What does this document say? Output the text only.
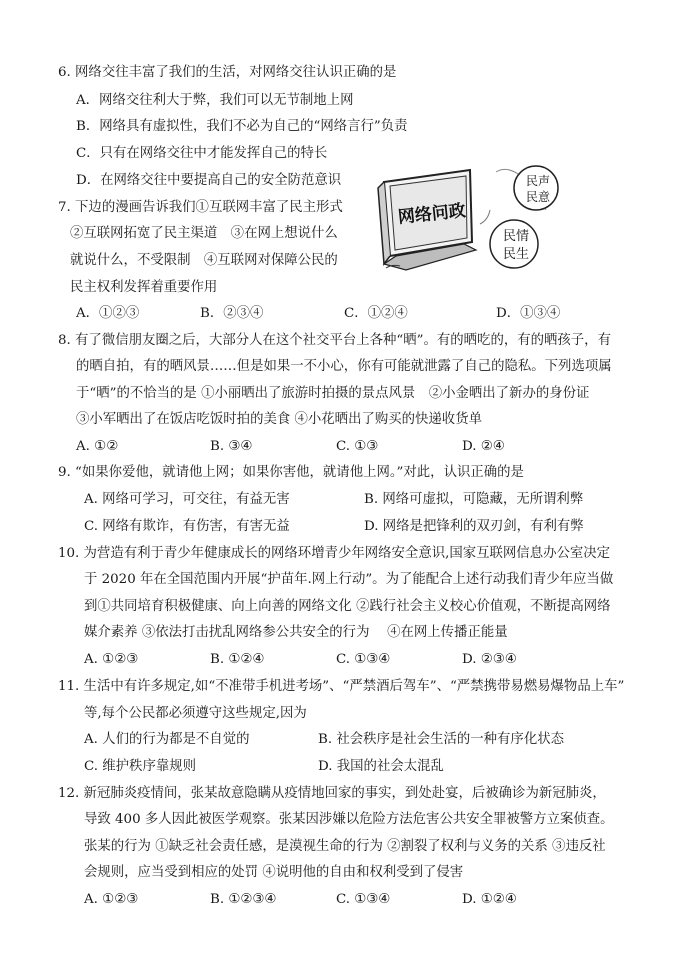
6. 网络交往丰富了我们的生活，对网络交往认识正确的是
A．网络交往利大于弊，我们可以无节制地上网
B．网络具有虚拟性，我们不必为自己的“网络言行”负责
C．只有在网络交往中才能发挥自己的特长
D．在网络交往中要提高自己的安全防范意识
7. 下边的漫画告诉我们①互联网丰富了民主形式
②互联网拓宽了民主渠道　③在网上想说什么
就说什么，不受限制　④互联网对保障公民的
民主权利发挥着重要作用
A．①②③	B．②③④	C．①②④	D．①③④
网络问政
民声
民意
民情
民生
8. 有了微信朋友圈之后，大部分人在这个社交平台上各种“晒”。有的晒吃的，有的晒孩子，有
的晒自拍，有的晒风景……但是如果一不小心，你有可能就泄露了自己的隐私。下列选项属
于“晒”的不恰当的是 ①小丽晒出了旅游时拍摄的景点风景　②小金晒出了新办的身份证
③小军晒出了在饭店吃饭时拍的美食 ④小花晒出了购买的快递收货单
A. ①②	B. ③④	C. ①③	D. ②④
9. “如果你爱他，就请他上网；如果你害他，就请他上网。”对此，认识正确的是
A. 网络可学习，可交往，有益无害	B. 网络可虚拟，可隐藏，无所谓利弊
C. 网络有欺诈，有伤害，有害无益	D. 网络是把锋利的双刃剑，有利有弊
10. 为营造有利于青少年健康成长的网络环增青少年网络安全意识,国家互联网信息办公室决定
于 2020 年在全国范围内开展“护苗年.网上行动”。为了能配合上述行动我们青少年应当做
到①共同培育积极健康、向上向善的网络文化 ②践行社会主义校心价值观，不断提高网络
媒介素养 ③依法打击扰乱网络参公共安全的行为　 ④在网上传播正能量
A. ①②③	B. ①②④	C. ①③④	D. ②③④
11. 生活中有许多规定,如“不准带手机进考场”、“严禁酒后驾车”、“严禁携带易燃易爆物品上车”
等,每个公民都必须遵守这些规定,因为
A. 人们的行为都是不自觉的	B. 社会秩序是社会生活的一种有序化状态
C. 维护秩序靠规则	D. 我国的社会太混乱
12. 新冠肺炎疫情间，张某故意隐瞒从疫情地回家的事实，到处赴宴，后被确诊为新冠肺炎，
导致 400 多人因此被医学观察。张某因涉嫌以危险方法危害公共安全罪被警方立案侦查。
张某的行为 ①缺乏社会责任感，是漠视生命的行为 ②割裂了权利与义务的关系 ③违反社
会规则，应当受到相应的处罚 ④说明他的自由和权利受到了侵害
A. ①②③	B. ①②③④	C. ①③④	D. ①②④
